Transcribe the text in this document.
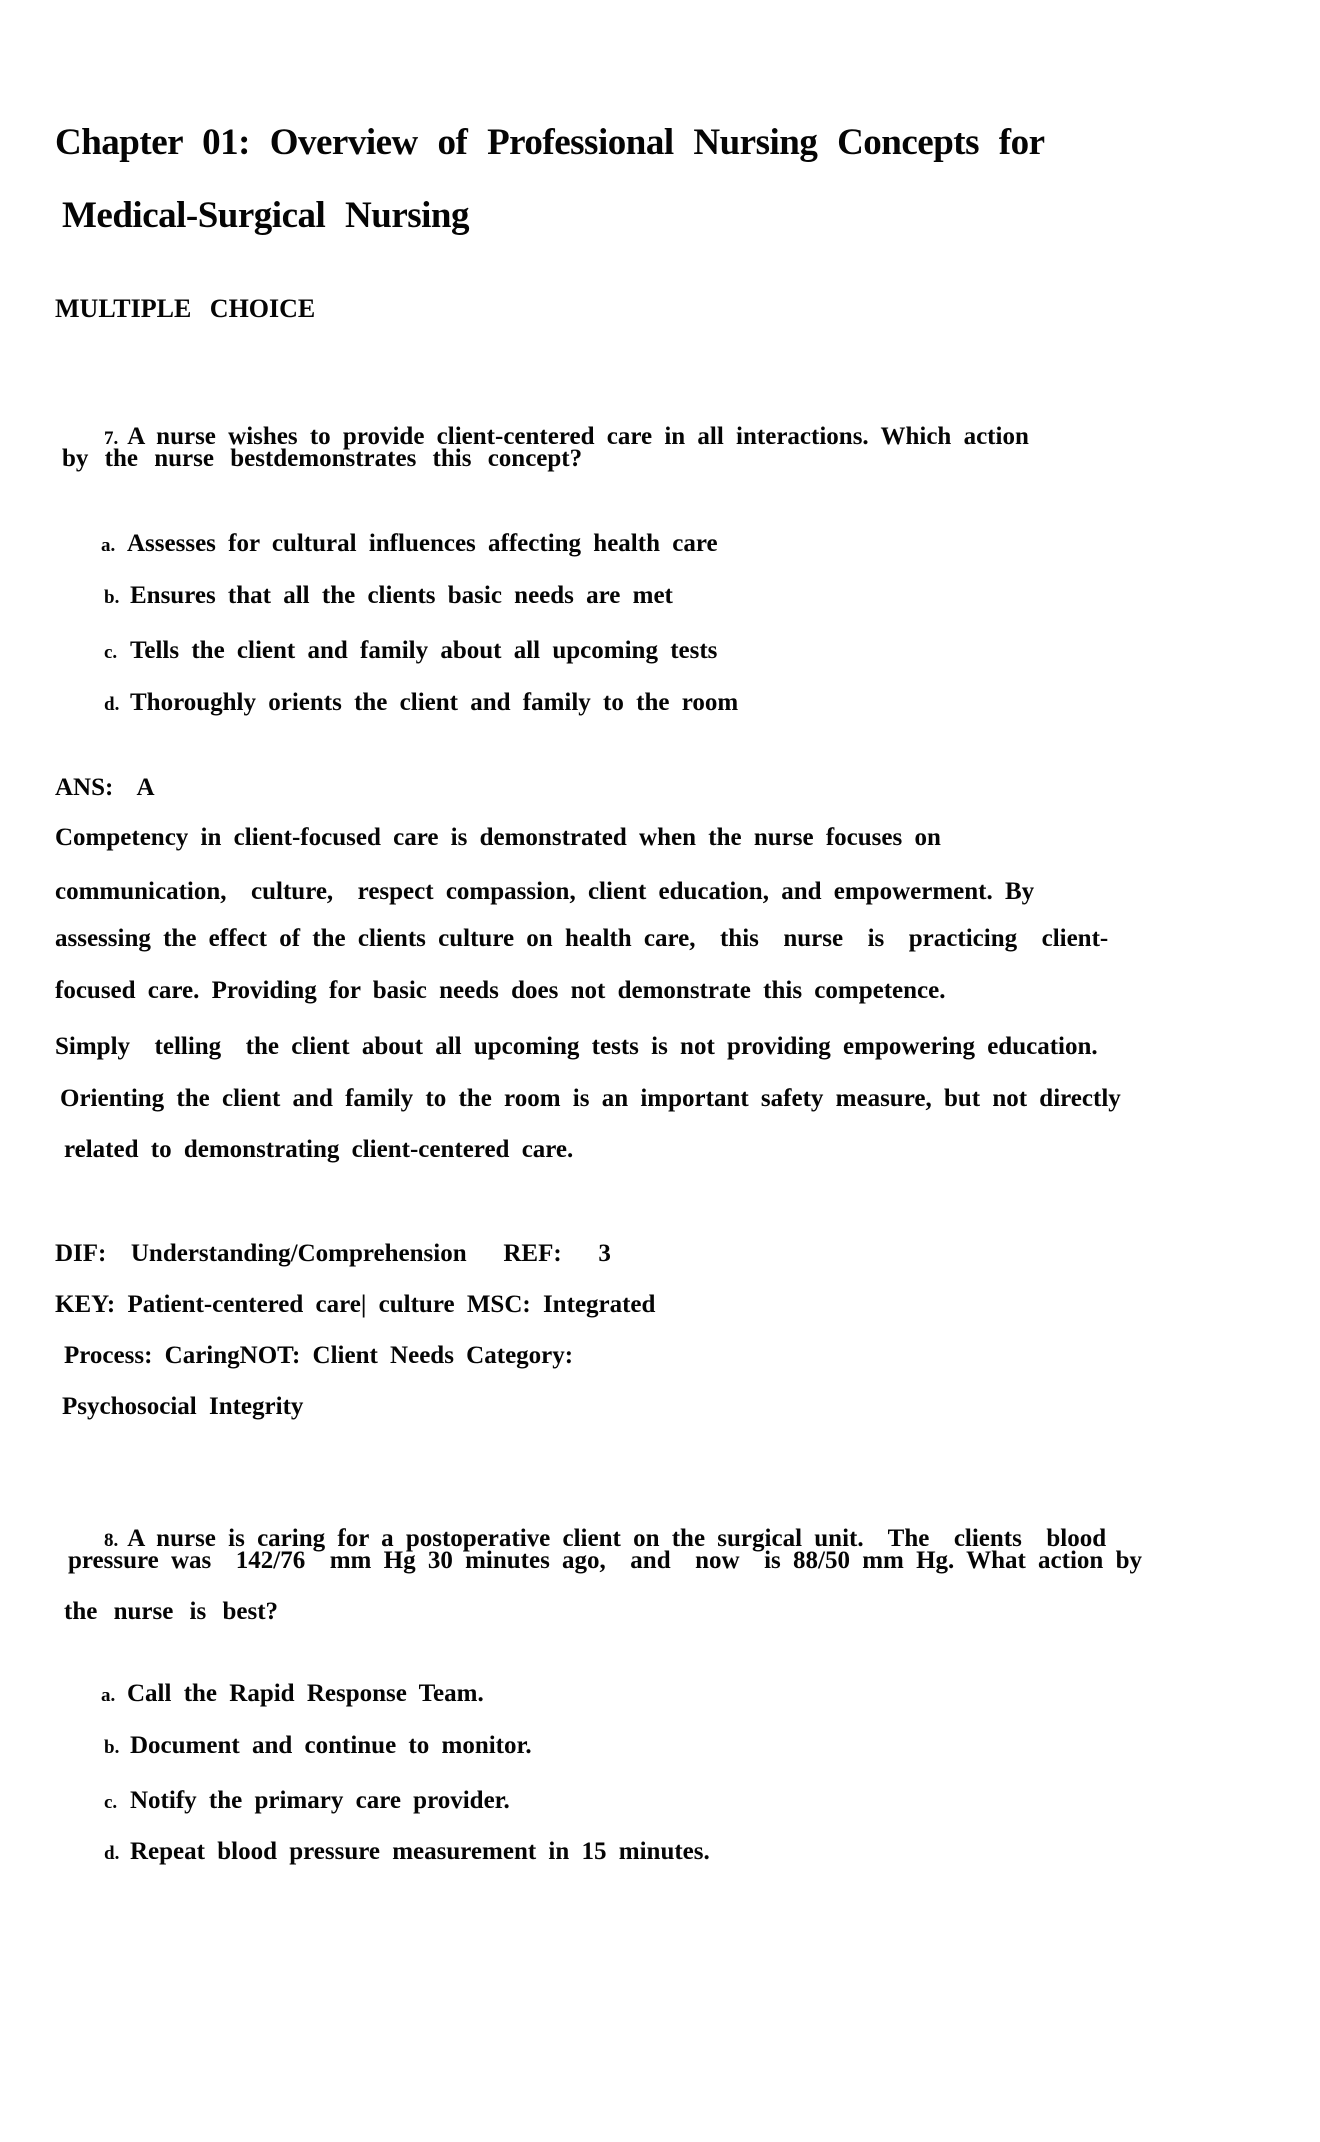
Chapter 01: Overview of Professional Nursing Concepts for
Medical-Surgical Nursing
MULTIPLE CHOICE

7. A nurse wishes to provide client-centered care in all interactions. Which action

by the nurse bestdemonstrates this concept?

a. Assesses for cultural influences affecting health care

b. Ensures that all the clients basic needs are met

c. Tells the client and family about all upcoming tests

d. Thoroughly orients the client and family to the room

ANS:  A
Competency in client-focused care is demonstrated when the nurse focuses on
communication,  culture,  respect compassion, client education, and empowerment. By
assessing the effect of the clients culture on health care,  this  nurse  is  practicing  client-
focused care. Providing for basic needs does not demonstrate this competence.
Simply  telling  the client about all upcoming tests is not providing empowering education.
Orienting the client and family to the room is an important safety measure, but not directly
related to demonstrating client-centered care.
DIF:  Understanding/Comprehension   REF:   3
KEY: Patient-centered care| culture MSC: Integrated
Process: CaringNOT: Client Needs Category:
Psychosocial Integrity

8. A nurse is caring for a postoperative client on the surgical unit.  The  clients  blood

pressure was  142/76  mm Hg 30 minutes ago,  and  now  is 88/50 mm Hg. What action by
the nurse is best?

a. Call the Rapid Response Team.

b. Document and continue to monitor.

c. Notify the primary care provider.

d. Repeat blood pressure measurement in 15 minutes.
